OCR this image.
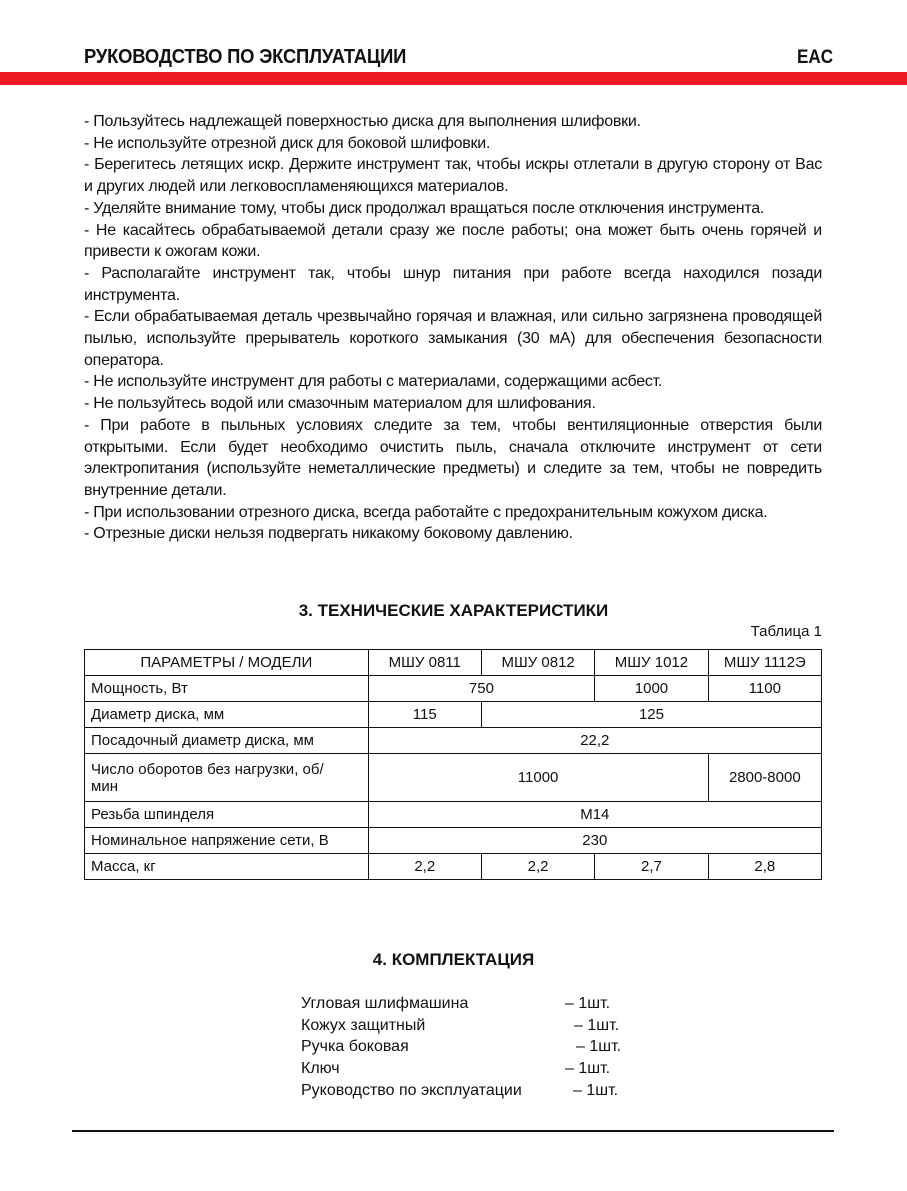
РУКОВОДСТВО ПО ЭКСПЛУАТАЦИИ	EAC

- Пользуйтесь надлежащей поверхностью диска для выполнения шлифовки.

- Не используйте отрезной диск для боковой шлифовки.

- Берегитесь летящих искр. Держите инструмент так, чтобы искры отлетали в другую сторону от Вас и других людей или легковоспламеняющихся материалов.

- Уделяйте внимание тому, чтобы диск продолжал вращаться после отключения инструмента.

- Не касайтесь обрабатываемой детали сразу же после работы; она может быть очень горячей и привести к ожогам кожи.

- Располагайте инструмент так, чтобы шнур питания при работе всегда находился позади инструмента.

- Если обрабатываемая деталь чрезвычайно горячая и влажная, или сильно загрязнена проводящей пылью, используйте прерыватель короткого замыкания (30 мА) для обеспечения безопасности оператора.

- Не используйте инструмент для работы с материалами, содержащими асбест.

- Не пользуйтесь водой или смазочным материалом для шлифования.

- При работе в пыльных условиях следите за тем, чтобы вентиляционные отверстия были открытыми. Если будет необходимо очистить пыль, сначала отключите инструмент от сети электропитания (используйте неметаллические предметы) и следите за тем, чтобы не повредить внутренние детали.

- При использовании отрезного диска, всегда работайте с предохранительным кожухом диска.

- Отрезные диски нельзя подвергать никакому боковому давлению.

3. ТЕХНИЧЕСКИЕ ХАРАКТЕРИСТИКИ
Таблица 1
ПАРАМЕТРЫ / МОДЕЛИ	МШУ 0811	МШУ 0812	МШУ 1012	МШУ 1112Э
Мощность, Вт	750		1000	1100
Диаметр диска, мм	115	125		
Посадочный диаметр диска, мм	22,2			
Число оборотов без нагрузки, об/мин	11000			2800-8000
Резьба шпинделя	M14			
Номинальное напряжение сети, В	230			
Масса, кг	2,2	2,2	2,7	2,8
4. КОМПЛЕКТАЦИЯ
Угловая шлифмашина	– 1шт.
Кожух защитный	– 1шт.
Ручка боковая	– 1шт.
Ключ	– 1шт.
Руководство по эксплуатации	– 1шт.
